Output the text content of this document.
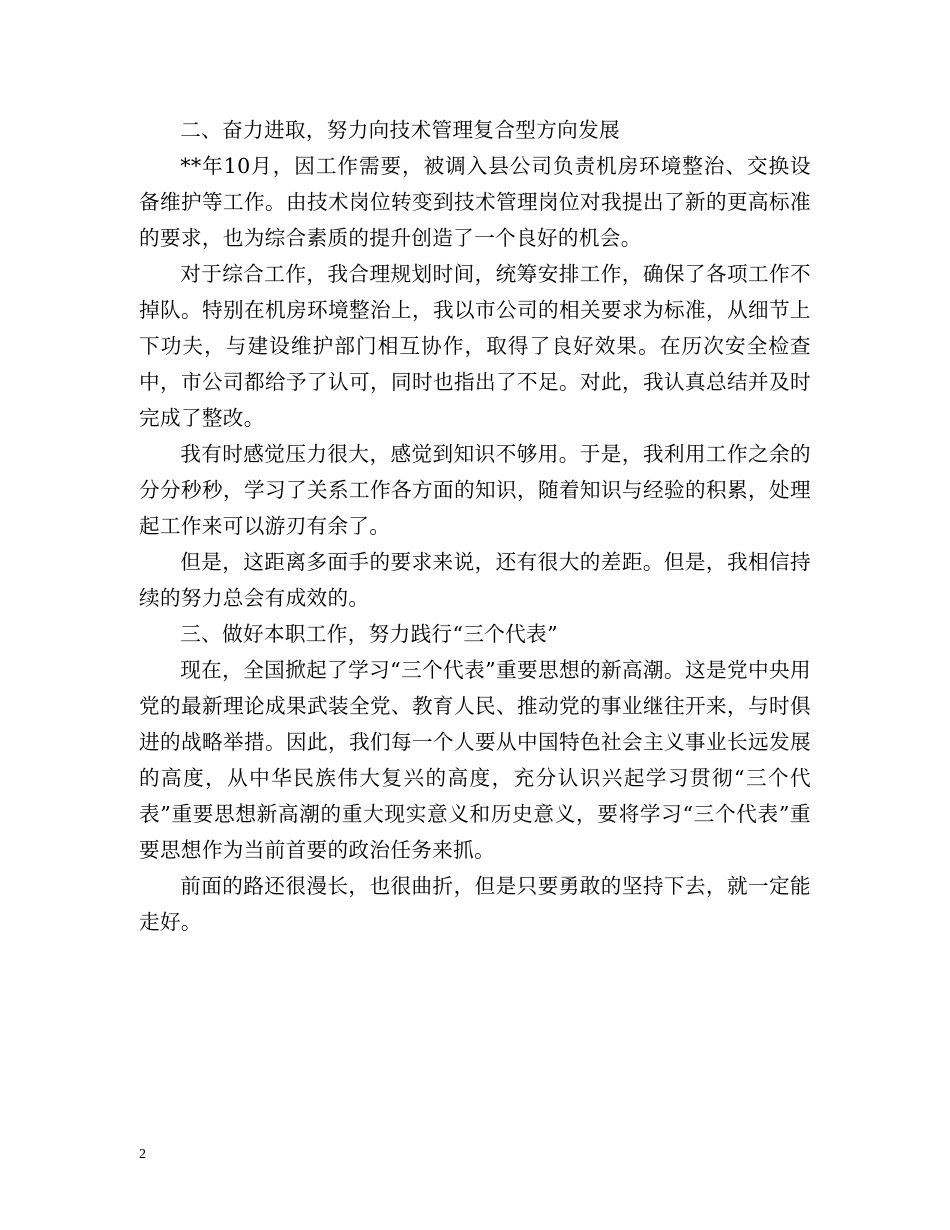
二、奋力进取，努力向技术管理复合型方向发展

**年10月，因工作需要，被调入县公司负责机房环境整治、交换设备维护等工作。由技术岗位转变到技术管理岗位对我提出了新的更高标准的要求，也为综合素质的提升创造了一个良好的机会。

对于综合工作，我合理规划时间，统筹安排工作，确保了各项工作不掉队。特别在机房环境整治上，我以市公司的相关要求为标准，从细节上下功夫，与建设维护部门相互协作，取得了良好效果。在历次安全检查中，市公司都给予了认可，同时也指出了不足。对此，我认真总结并及时完成了整改。

我有时感觉压力很大，感觉到知识不够用。于是，我利用工作之余的分分秒秒，学习了关系工作各方面的知识，随着知识与经验的积累，处理起工作来可以游刃有余了。

但是，这距离多面手的要求来说，还有很大的差距。但是，我相信持续的努力总会有成效的。

三、做好本职工作，努力践行“三个代表”

现在，全国掀起了学习“三个代表”重要思想的新高潮。这是党中央用党的最新理论成果武装全党、教育人民、推动党的事业继往开来，与时俱进的战略举措。因此，我们每一个人要从中国特色社会主义事业长远发展的高度，从中华民族伟大复兴的高度，充分认识兴起学习贯彻“三个代表”重要思想新高潮的重大现实意义和历史意义，要将学习“三个代表”重要思想作为当前首要的政治任务来抓。

前面的路还很漫长，也很曲折，但是只要勇敢的坚持下去，就一定能走好。

2
